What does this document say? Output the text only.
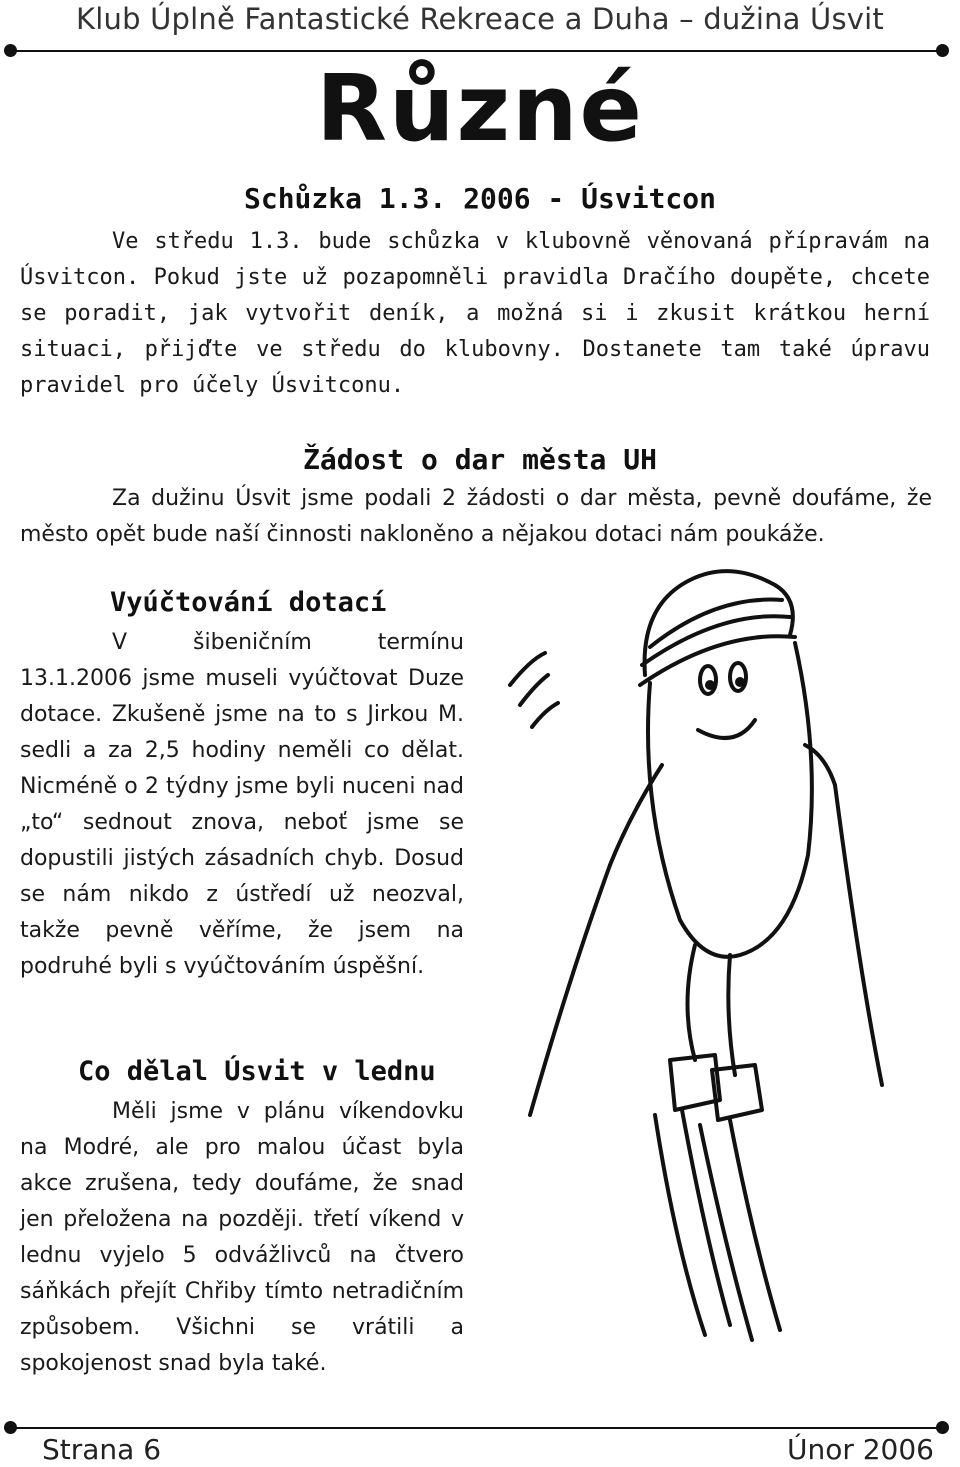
Klub Úplně Fantastické Rekreace a Duha – dužina Úsvit
Různé
Schůzka 1.3. 2006 - Úsvitcon
Ve středu 1.3. bude schůzka v klubovně věnovaná přípravám na Úsvitcon. Pokud jste už pozapomněli pravidla Dračího doupěte, chcete se poradit, jak vytvořit deník, a možná si i zkusit krátkou herní situaci, přijďte ve středu do klubovny. Dostanete tam také úpravu pravidel pro účely Úsvitconu.
Žádost o dar města UH
Za dužinu Úsvit jsme podali 2 žádosti o dar města, pevně doufáme, že město opět bude naší činnosti nakloněno a nějakou dotaci nám poukáže.
Vyúčtování dotací
V šibeničním termínu 13.1.2006 jsme museli vyúčtovat Duze dotace. Zkušeně jsme na to s Jirkou M. sedli a za 2,5 hodiny neměli co dělat. Nicméně o 2 týdny jsme byli nuceni nad „to“ sednout znova, neboť jsme se dopustili jistých zásadních chyb. Dosud se nám nikdo z ústředí už neozval, takže pevně věříme, že jsem na podruhé byli s vyúčtováním úspěšní.
Co dělal Úsvit v lednu
Měli jsme v plánu víkendovku na Modré, ale pro malou účast byla akce zrušena, tedy doufáme, že snad jen přeložena na později. třetí víkend v lednu vyjelo 5 odvážlivců na čtvero sáňkách přejít Chřiby tímto netradičním způsobem. Všichni se vrátili a spokojenost snad byla také.
Strana 6	Únor 2006
